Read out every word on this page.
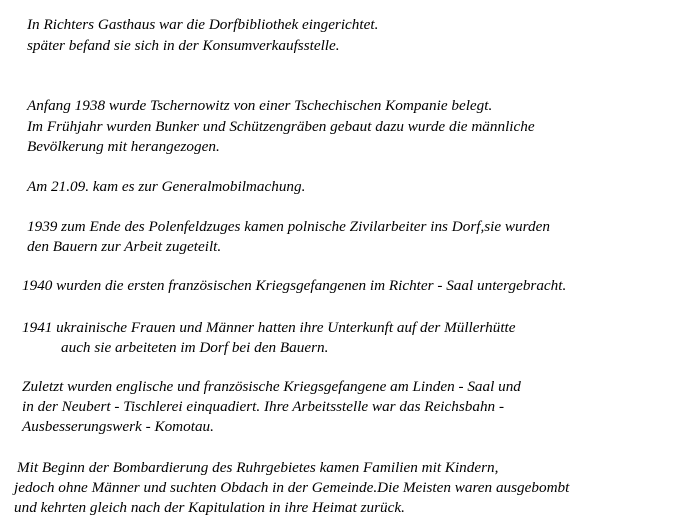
In Richters Gasthaus war die Dorfbibliothek eingerichtet.
später befand sie sich in der Konsumverkaufsstelle.
Anfang 1938 wurde Tschernowitz von einer Tschechischen Kompanie belegt.
Im Frühjahr wurden Bunker und Schützengräben gebaut dazu wurde die männliche
Bevölkerung mit herangezogen.
Am 21.09. kam es zur Generalmobilmachung.
1939 zum Ende des Polenfeldzuges kamen polnische Zivilarbeiter ins Dorf,sie wurden
den Bauern zur Arbeit zugeteilt.
1940 wurden die ersten französischen Kriegsgefangenen im Richter - Saal untergebracht.
1941 ukrainische Frauen und Männer hatten ihre Unterkunft auf der Müllerhütte
auch sie arbeiteten im Dorf bei den Bauern.
Zuletzt wurden englische und französische Kriegsgefangene am Linden - Saal und
in der Neubert - Tischlerei einquadiert. Ihre Arbeitsstelle war das Reichsbahn -
Ausbesserungswerk - Komotau.
Mit Beginn der Bombardierung des Ruhrgebietes kamen Familien mit Kindern,
jedoch ohne Männer und suchten Obdach in der Gemeinde.Die Meisten waren ausgebombt
und kehrten gleich nach der Kapitulation in ihre Heimat zurück.
